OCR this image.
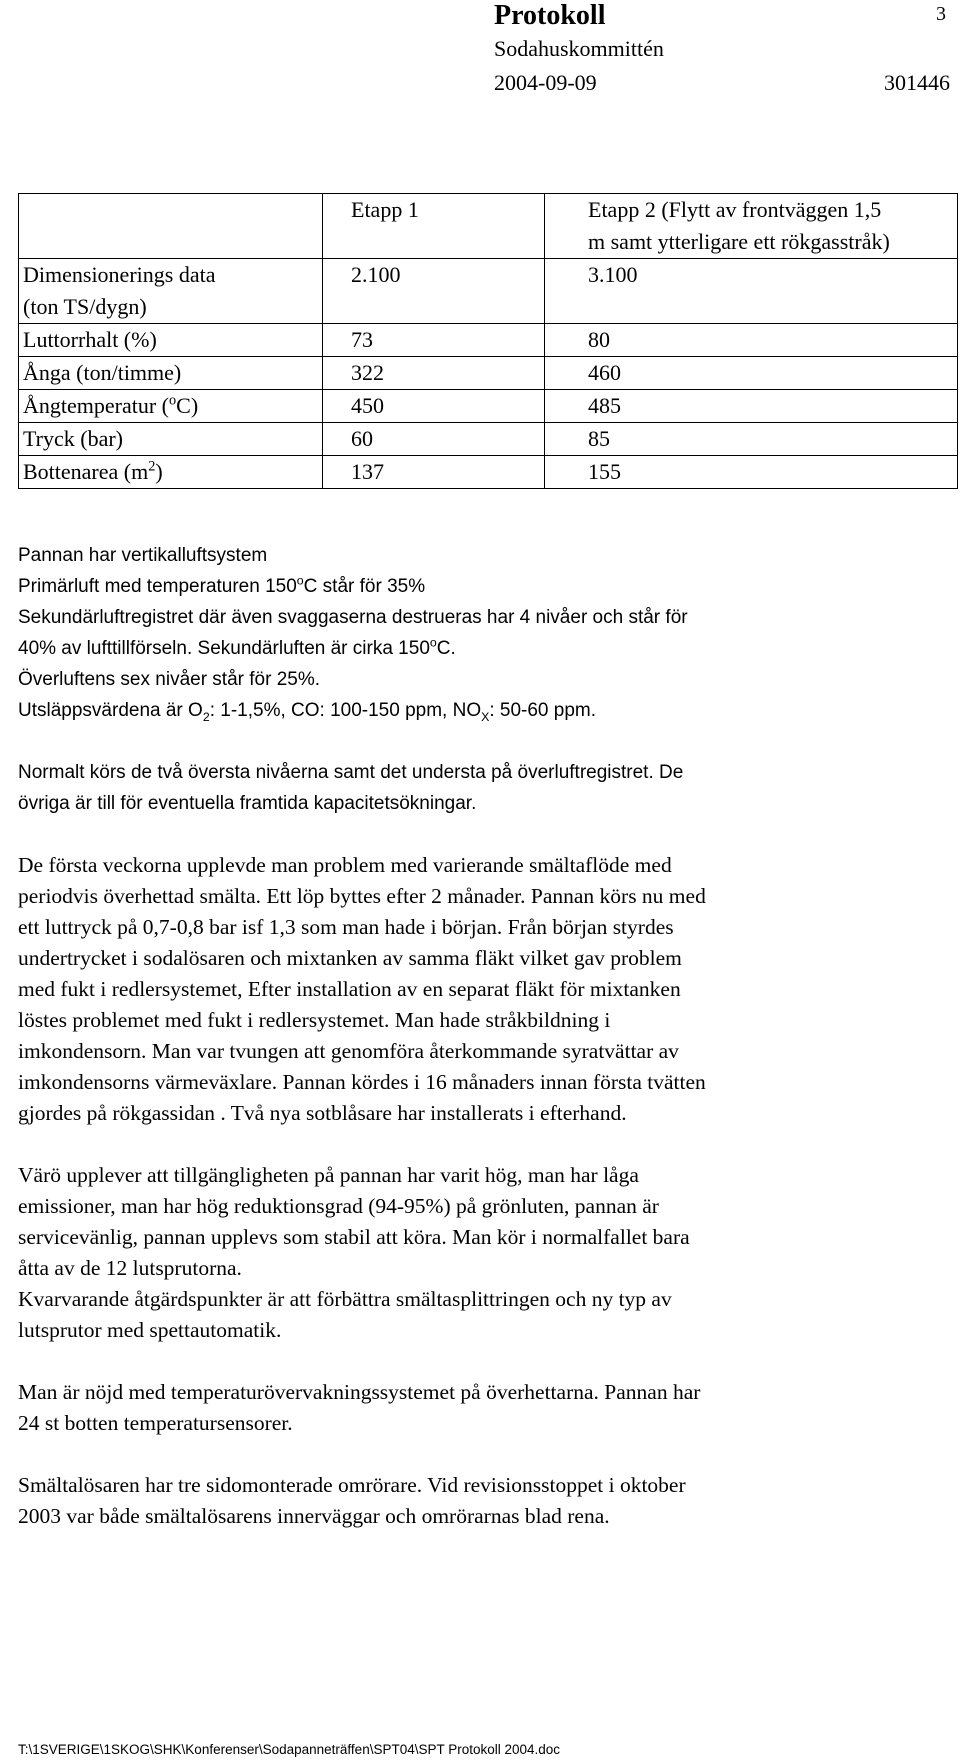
Protokoll	3
Sodahuskommittén
2004-09-09	301446
	Etapp 1	Etapp 2 (Flytt av frontväggen 1,5
m samt ytterligare ett rökgasstråk)

Dimensionerings data
(ton TS/dygn)	2.100	3.100
Luttorrhalt (%)	73	80
Ånga (ton/timme)	322	460
Ångtemperatur ($^o$C)	450	485
Tryck (bar)	60	85
Bottenarea $(m^2)$	137	155

Pannan har vertikalluftsystem

Primärluft med temperaturen 150$^o$C står för 35%

Sekundärluftregistret där även svaggaserna destrueras har 4 nivåer och står för

40% av lufttillförseln. Sekundärluften är cirka 150$^o$C.

Överluftens sex nivåer står för 25%.

Utsläppsvärdena är $O_2$: 1-1,5%, CO: 100-150 ppm, $NO_X$: 50-60 ppm.

Normalt körs de två översta nivåerna samt det understa på överluftregistret. De

övriga är till för eventuella framtida kapacitetsökningar.

De första veckorna upplevde man problem med varierande smältaflöde med

periodvis överhettad smälta. Ett löp byttes efter 2 månader. Pannan körs nu med

ett luttryck på 0,7-0,8 bar isf 1,3 som man hade i början. Från början styrdes

undertrycket i sodalösaren och mixtanken av samma fläkt vilket gav problem

med fukt i redlersystemet, Efter installation av en separat fläkt för mixtanken

löstes problemet med fukt i redlersystemet. Man hade stråkbildning i

imkondensorn. Man var tvungen att genomföra återkommande syratvättar av

imkondensorns värmeväxlare. Pannan kördes i 16 månaders innan första tvätten

gjordes på rökgassidan . Två nya sotblåsare har installerats i efterhand.

Värö upplever att tillgängligheten på pannan har varit hög, man har låga

emissioner, man har hög reduktionsgrad (94-95%) på grönluten, pannan är

servicevänlig, pannan upplevs som stabil att köra. Man kör i normalfallet bara

åtta av de 12 lutsprutorna.

Kvarvarande åtgärdspunkter är att förbättra smältasplittringen och ny typ av

lutsprutor med spettautomatik.

Man är nöjd med temperaturövervakningssystemet på överhettarna. Pannan har

24 st botten temperatursensorer.

Smältalösaren har tre sidomonterade omrörare. Vid revisionsstoppet i oktober

2003 var både smältalösarens innerväggar och omrörarnas blad rena.

T:\1SVERIGE\1SKOG\SHK\Konferenser\Sodapanneträffen\SPT04\SPT Protokoll 2004.doc
